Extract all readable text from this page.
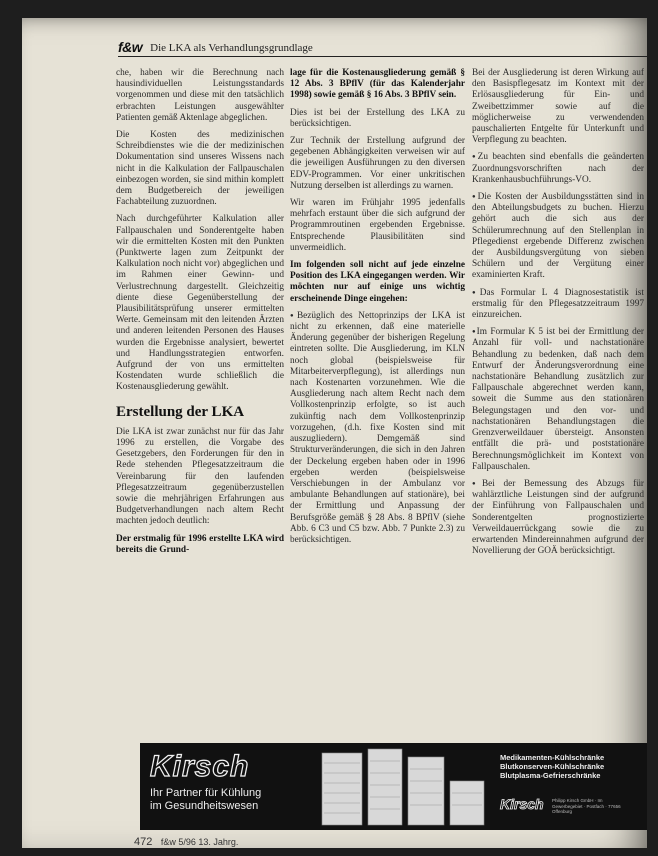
f&w Die LKA als Verhandlungsgrundlage

che, haben wir die Berechnung nach hausindividuellen Leistungsstandards vorgenommen und diese mit den tatsächlich erbrachten Leistungen ausgewählter Patienten gemäß Aktenlage abgeglichen.

Die Kosten des medizinischen Schreibdienstes wie die der medizinischen Dokumentation sind unseres Wissens nach nicht in die Kalkulation der Fallpauschalen einbezogen worden, sie sind mithin komplett dem Budgetbereich der jeweiligen Fachabteilung zuzuordnen.

Nach durchgeführter Kalkulation aller Fallpauschalen und Sonderentgelte haben wir die ermittelten Kosten mit den Punkten (Punktwerte lagen zum Zeitpunkt der Kalkulation noch nicht vor) abgeglichen und im Rahmen einer Gewinn- und Verlustrechnung dargestellt. Gleichzeitig diente diese Gegenüberstellung der Plausibilitätsprüfung unserer ermittelten Werte. Gemeinsam mit den leitenden Ärzten und anderen leitenden Personen des Hauses wurden die Ergebnisse analysiert, bewertet und Handlungsstrategien entworfen. Aufgrund der von uns ermittelten Kostendaten wurde schließlich die Kostenausgliederung gewählt.

Erstellung der LKA

Die LKA ist zwar zunächst nur für das Jahr 1996 zu erstellen, die Vorgabe des Gesetzgebers, den Forderungen für den in Rede stehenden Pflegesatzzeitraum die Vereinbarung für den laufenden Pflegesatzzeitraum gegenüberzustellen sowie die mehrjährigen Erfahrungen aus Budgetverhandlungen nach altem Recht machten jedoch deutlich:

Der erstmalig für 1996 erstellte LKA wird bereits die Grund-

lage für die Kostenausgliederung gemäß § 12 Abs. 3 BPflV (für das Kalenderjahr 1998) sowie gemäß § 16 Abs. 3 BPflV sein.

Dies ist bei der Erstellung des LKA zu berücksichtigen.

Zur Technik der Erstellung aufgrund der gegebenen Abhängigkeiten verweisen wir auf die jeweiligen Ausführungen zu den diversen EDV-Programmen. Vor einer unkritischen Nutzung derselben ist allerdings zu warnen.

Wir waren im Frühjahr 1995 jedenfalls mehrfach erstaunt über die sich aufgrund der Programmroutinen ergebenden Ergebnisse. Entsprechende Plausibilitäten sind unvermeidlich.

Im folgenden soll nicht auf jede einzelne Position des LKA eingegangen werden. Wir möchten nur auf einige uns wichtig erscheinende Dinge eingehen:

● Bezüglich des Nettoprinzips der LKA ist nicht zu erkennen, daß eine materielle Änderung gegenüber der bisherigen Regelung eintreten sollte. Die Ausgliederung, im KLN noch global (beispielsweise für Mitarbeiterverpflegung), ist allerdings nun nach Kostenarten vorzunehmen. Wie die Ausgliederung nach altem Recht nach dem Vollkostenprinzip erfolgte, so ist auch zukünftig nach dem Vollkostenprinzip vorzugehen, (d.h. fixe Kosten sind mit auszugliedern). Demgemäß sind Strukturveränderungen, die sich in den Jahren der Deckelung ergeben haben oder in 1996 ergeben werden (beispielsweise Verschiebungen in der Ambulanz vor ambulante Behandlungen auf stationäre), bei der Ermittlung und Anpassung der Berufsgröße gemäß § 28 Abs. 8 BPflV (siehe Abb. 6 C3 und C5 bzw. Abb. 7 Punkte 2.3) zu berücksichtigen.

Bei der Ausgliederung ist deren Wirkung auf den Basispflegesatz im Kontext mit der Erlösausgliederung für Ein- und Zweibettzimmer sowie auf die möglicherweise zu verwendenden pauschalierten Entgelte für Unterkunft und Verpflegung zu beachten.

● Zu beachten sind ebenfalls die geänderten Zuordnungsvorschriften nach der Krankenhausbuchführungs-VO.

● Die Kosten der Ausbildungsstätten sind in den Abteilungsbudgets zu buchen. Hierzu gehört auch die sich aus der Schülerumrechnung auf den Stellenplan in Pflegedienst ergebende Differenz zwischen der Ausbildungsvergütung von sieben Schülern und der Vergütung einer examinierten Kraft.

● Das Formular L 4 Diagnosestatistik ist erstmalig für den Pflegesatzzeitraum 1997 einzureichen.

● Im Formular K 5 ist bei der Ermittlung der Anzahl für voll- und nachstationäre Behandlung zu bedenken, daß nach dem Entwurf der Änderungsverordnung eine nachstationäre Behandlung zusätzlich zur Fallpauschale abgerechnet werden kann, soweit die Summe aus den stationären Belegungstagen und den vor- und nachstationären Behandlungstagen die Grenzverweildauer übersteigt. Ansonsten entfällt die prä- und poststationäre Berechnungsmöglichkeit im Kontext von Fallpauschalen.

● Bei der Bemessung des Abzugs für wahlärztliche Leistungen sind der aufgrund der Einführung von Fallpauschalen und Sonderentgelten prognostizierte Verweildauerrückgang sowie die zu erwartenden Mindereinnahmen aufgrund der Novellierung der GOÄ berücksichtigt.

Kirsch
Ihr Partner für Kühlung
im Gesundheitswesen
Medikamenten-Kühlschränke
Blutkonserven-Kühlschränke
Blutplasma-Gefrierschränke
Kirsch Philipp Kirsch GmbH · Im Gewerbegebiet · Postfach · 77656 Offenburg
472 f&w 5/96 13. Jahrg.
